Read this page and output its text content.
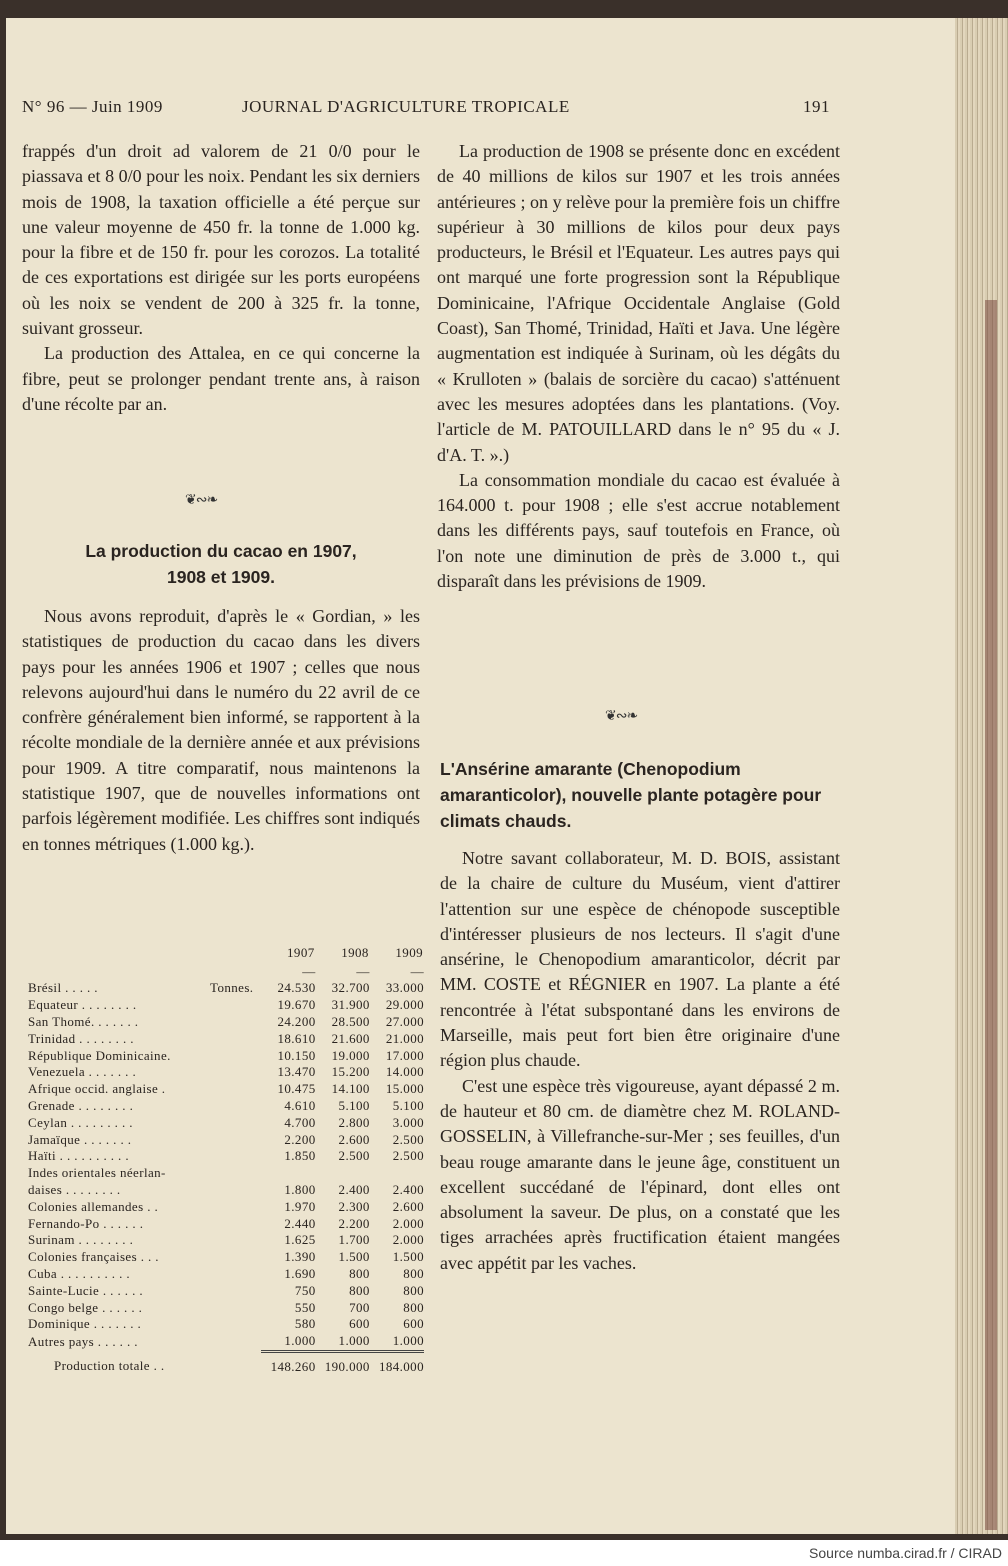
N° 96 — Juin 1909	JOURNAL D'AGRICULTURE TROPICALE	191

frappés d'un droit ad valorem de 21 0/0 pour le piassava et 8 0/0 pour les noix. Pendant les six derniers mois de 1908, la taxation officielle a été perçue sur une valeur moyenne de 450 fr. la tonne de 1.000 kg. pour la fibre et de 150 fr. pour les corozos. La totalité de ces exportations est dirigée sur les ports européens où les noix se vendent de 200 à 325 fr. la tonne, suivant grosseur.

La production des Attalea, en ce qui concerne la fibre, peut se prolonger pendant trente ans, à raison d'une récolte par an.

❦∾❧
La production du cacao en 1907,
1908 et 1909.

Nous avons reproduit, d'après le « Gordian, » les statistiques de production du cacao dans les divers pays pour les années 1906 et 1907 ; celles que nous relevons aujourd'hui dans le numéro du 22 avril de ce confrère généralement bien informé, se rapportent à la récolte mondiale de la dernière année et aux prévisions pour 1909. A titre comparatif, nous maintenons la statistique 1907, que de nouvelles informations ont parfois légèrement modifiée. Les chiffres sont indiqués en tonnes métriques (1.000 kg.).

		1907	1908	1909
		—	—	—
Brésil . . . . .	Tonnes.	24.530	32.700	33.000
Equateur . . . . . . . .		19.670	31.900	29.000
San Thomé. . . . . . .		24.200	28.500	27.000
Trinidad . . . . . . . .		18.610	21.600	21.000
République Dominicaine.		10.150	19.000	17.000
Venezuela . . . . . . .		13.470	15.200	14.000
Afrique occid. anglaise .		10.475	14.100	15.000
Grenade . . . . . . . .		4.610	5.100	5.100
Ceylan . . . . . . . . .		4.700	2.800	3.000
Jamaïque . . . . . . .		2.200	2.600	2.500
Haïti . . . . . . . . . .		1.850	2.500	2.500
Indes orientales néerlan-				
daises . . . . . . . .		1.800	2.400	2.400
Colonies allemandes . .		1.970	2.300	2.600
Fernando-Po . . . . . .		2.440	2.200	2.000
Surinam . . . . . . . .		1.625	1.700	2.000
Colonies françaises . . .		1.390	1.500	1.500
Cuba . . . . . . . . . .		1.690	800	800
Sainte-Lucie . . . . . .		750	800	800
Congo belge . . . . . .		550	700	800
Dominique . . . . . . .		580	600	600
Autres pays . . . . . .		1.000	1.000	1.000
Production totale . .		148.260	190.000	184.000

La production de 1908 se présente donc en excédent de 40 millions de kilos sur 1907 et les trois années antérieures ; on y relève pour la première fois un chiffre supérieur à 30 millions de kilos pour deux pays producteurs, le Brésil et l'Equateur. Les autres pays qui ont marqué une forte progression sont la République Dominicaine, l'Afrique Occidentale Anglaise (Gold Coast), San Thomé, Trinidad, Haïti et Java. Une légère augmentation est indiquée à Surinam, où les dégâts du « Krulloten » (balais de sorcière du cacao) s'atténuent avec les mesures adoptées dans les plantations. (Voy. l'article de M. PATOUILLARD dans le n° 95 du « J. d'A. T. ».)

La consommation mondiale du cacao est évaluée à 164.000 t. pour 1908 ; elle s'est accrue notablement dans les différents pays, sauf toutefois en France, où l'on note une diminution de près de 3.000 t., qui disparaît dans les prévisions de 1909.

❦∾❧
L'Ansérine amarante (Chenopodium amaranticolor), nouvelle plante potagère pour climats chauds.

Notre savant collaborateur, M. D. BOIS, assistant de la chaire de culture du Muséum, vient d'attirer l'attention sur une espèce de chénopode susceptible d'intéresser plusieurs de nos lecteurs. Il s'agit d'une ansérine, le Chenopodium amaranticolor, décrit par MM. COSTE et RÉGNIER en 1907. La plante a été rencontrée à l'état subspontané dans les environs de Marseille, mais peut fort bien être originaire d'une région plus chaude.

C'est une espèce très vigoureuse, ayant dépassé 2 m. de hauteur et 80 cm. de diamètre chez M. ROLAND-GOSSELIN, à Villefranche-sur-Mer ; ses feuilles, d'un beau rouge amarante dans le jeune âge, constituent un excellent succédané de l'épinard, dont elles ont absolument la saveur. De plus, on a constaté que les tiges arrachées après fructification étaient mangées avec appétit par les vaches.

Source numba.cirad.fr / CIRAD
